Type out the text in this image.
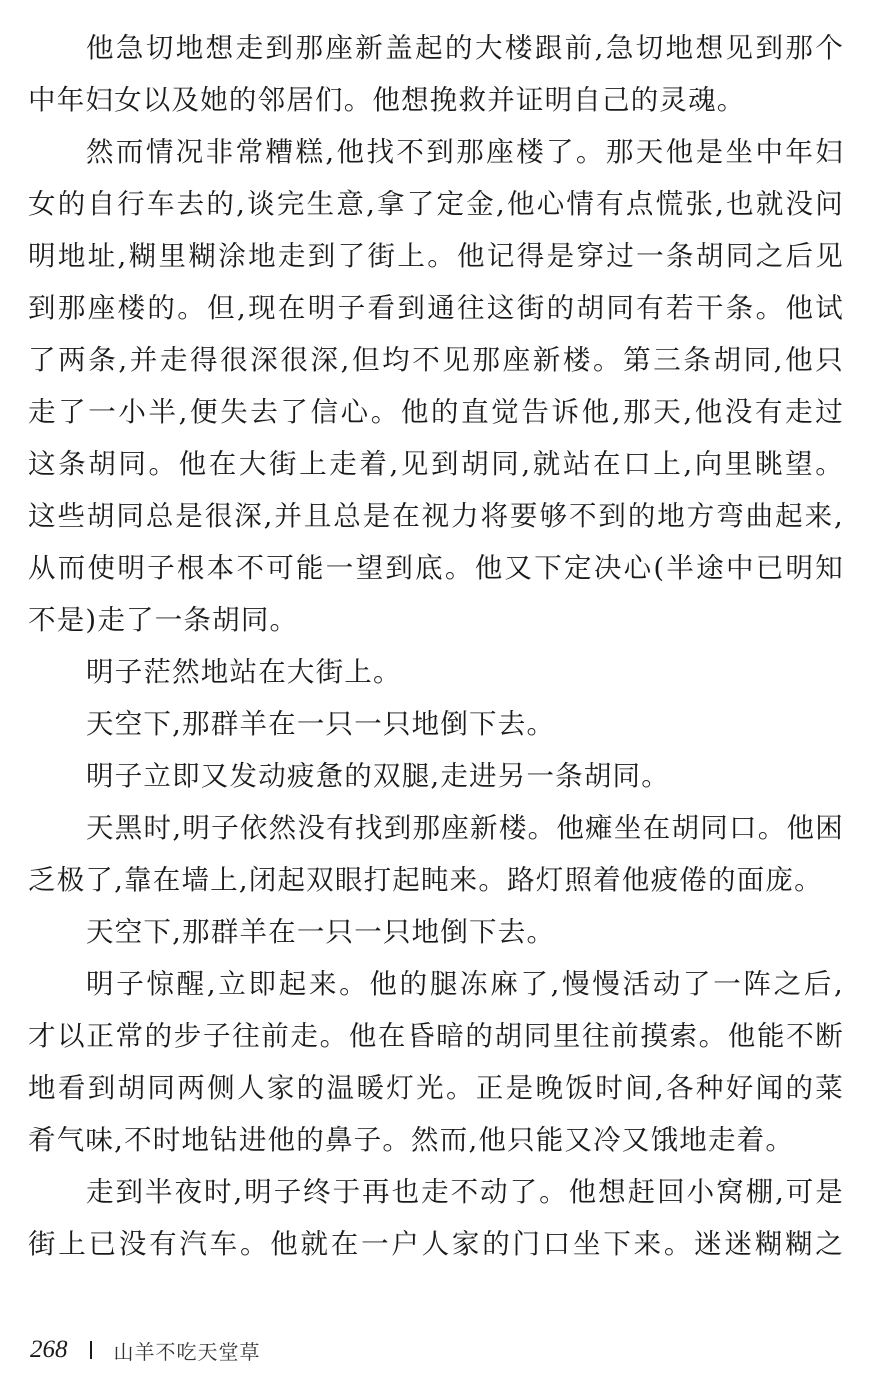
他急切地想走到那座新盖起的大楼跟前,急切地想见到那个
中年妇女以及她的邻居们。他想挽救并证明自己的灵魂。
然而情况非常糟糕,他找不到那座楼了。那天他是坐中年妇
女的自行车去的,谈完生意,拿了定金,他心情有点慌张,也就没问
明地址,糊里糊涂地走到了街上。他记得是穿过一条胡同之后见
到那座楼的。但,现在明子看到通往这街的胡同有若干条。他试
了两条,并走得很深很深,但均不见那座新楼。第三条胡同,他只
走了一小半,便失去了信心。他的直觉告诉他,那天,他没有走过
这条胡同。他在大街上走着,见到胡同,就站在口上,向里眺望。
这些胡同总是很深,并且总是在视力将要够不到的地方弯曲起来,
从而使明子根本不可能一望到底。他又下定决心(半途中已明知
不是)走了一条胡同。
明子茫然地站在大街上。
天空下,那群羊在一只一只地倒下去。
明子立即又发动疲惫的双腿,走进另一条胡同。
天黑时,明子依然没有找到那座新楼。他瘫坐在胡同口。他困
乏极了,靠在墙上,闭起双眼打起盹来。路灯照着他疲倦的面庞。
天空下,那群羊在一只一只地倒下去。
明子惊醒,立即起来。他的腿冻麻了,慢慢活动了一阵之后,
才以正常的步子往前走。他在昏暗的胡同里往前摸索。他能不断
地看到胡同两侧人家的温暖灯光。正是晚饭时间,各种好闻的菜
肴气味,不时地钻进他的鼻子。然而,他只能又冷又饿地走着。
走到半夜时,明子终于再也走不动了。他想赶回小窝棚,可是
街上已没有汽车。他就在一户人家的门口坐下来。迷迷糊糊之
268 山羊不吃天堂草
